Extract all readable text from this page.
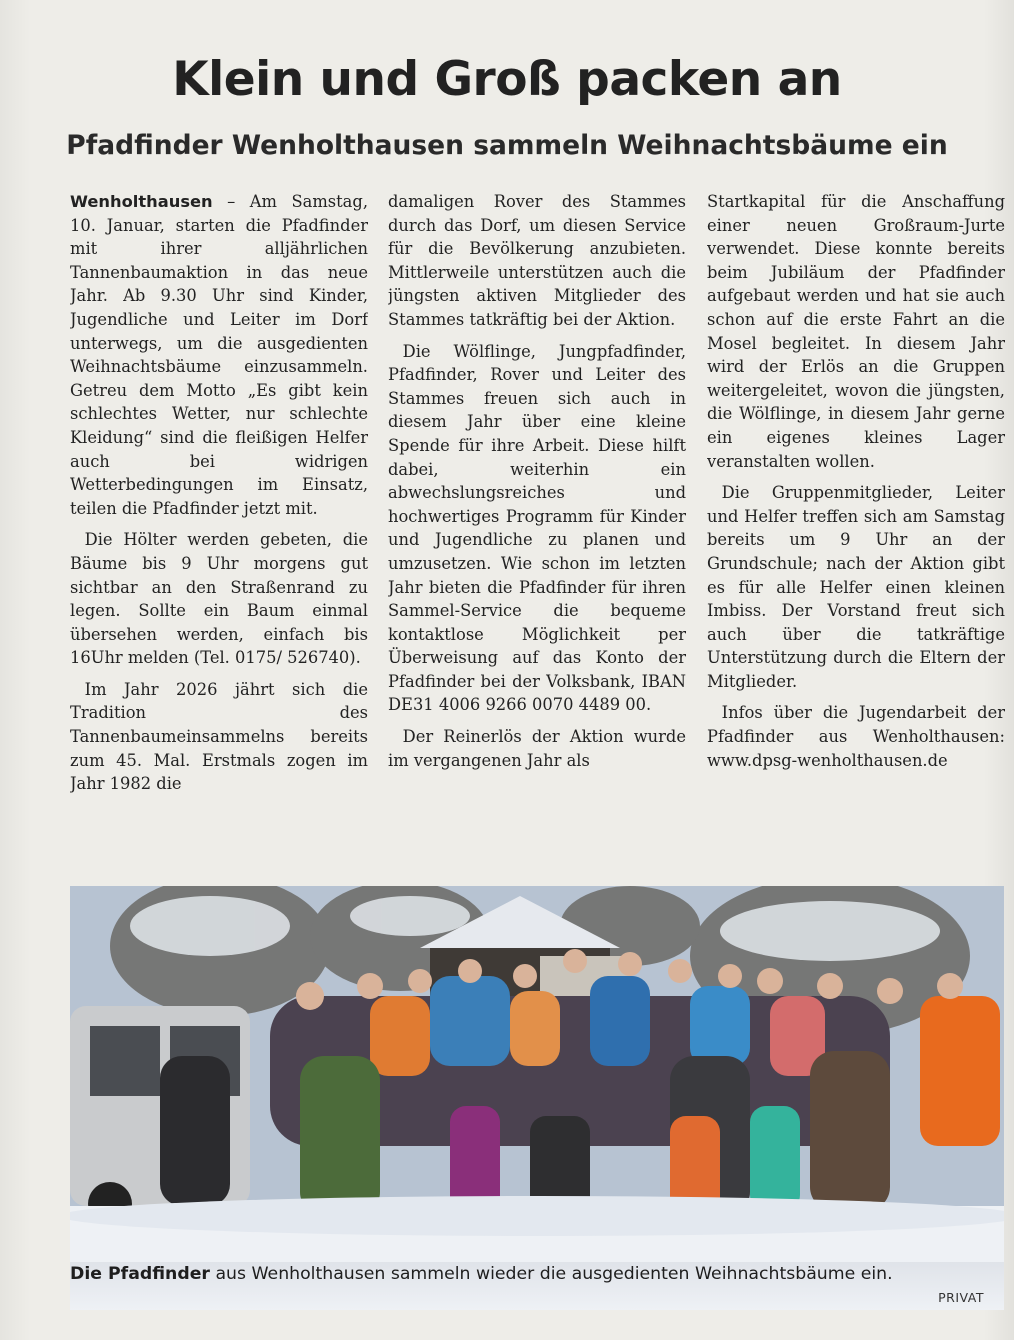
Klein und Groß packen an
Pfadfinder Wenholthausen sammeln Weihnachtsbäume ein

Wenholthausen – Am Samstag, 10. Januar, starten die Pfadfinder mit ihrer alljährlichen Tannenbaumaktion in das neue Jahr. Ab 9.30 Uhr sind Kinder, Jugendliche und Leiter im Dorf unterwegs, um die ausgedienten Weihnachtsbäume einzusammeln. Getreu dem Motto „Es gibt kein schlechtes Wetter, nur schlechte Kleidung“ sind die fleißigen Helfer auch bei widrigen Wetterbedingungen im Einsatz, teilen die Pfadfinder jetzt mit.

Die Hölter werden gebeten, die Bäume bis 9 Uhr morgens gut sichtbar an den Straßenrand zu legen. Sollte ein Baum einmal übersehen werden, einfach bis 16Uhr melden (Tel. 0175/ 526740).

Im Jahr 2026 jährt sich die Tradition des Tannenbaumeinsammelns bereits zum 45. Mal. Erstmals zogen im Jahr 1982 die

damaligen Rover des Stammes durch das Dorf, um diesen Service für die Bevölkerung anzubieten. Mittlerweile unterstützen auch die jüngsten aktiven Mitglieder des Stammes tatkräftig bei der Aktion.

Die Wölflinge, Jungpfadfinder, Pfadfinder, Rover und Leiter des Stammes freuen sich auch in diesem Jahr über eine kleine Spende für ihre Arbeit. Diese hilft dabei, weiterhin ein abwechslungsreiches und hochwertiges Programm für Kinder und Jugendliche zu planen und umzusetzen. Wie schon im letzten Jahr bieten die Pfadfinder für ihren Sammel-Service die bequeme kontaktlose Möglichkeit per Überweisung auf das Konto der Pfadfinder bei der Volksbank, IBAN DE31 4006 9266 0070 4489 00.

Der Reinerlös der Aktion wurde im vergangenen Jahr als

Startkapital für die Anschaffung einer neuen Großraum-Jurte verwendet. Diese konnte bereits beim Jubiläum der Pfadfinder aufgebaut werden und hat sie auch schon auf die erste Fahrt an die Mosel begleitet. In diesem Jahr wird der Erlös an die Gruppen weitergeleitet, wovon die jüngsten, die Wölflinge, in diesem Jahr gerne ein eigenes kleines Lager veranstalten wollen.

Die Gruppenmitglieder, Leiter und Helfer treffen sich am Samstag bereits um 9 Uhr an der Grundschule; nach der Aktion gibt es für alle Helfer einen kleinen Imbiss. Der Vorstand freut sich auch über die tatkräftige Unterstützung durch die Eltern der Mitglieder.

Infos über die Jugendarbeit der Pfadfinder aus Wenholthausen: www.dpsg-wenholthausen.de

Die Pfadfinder aus Wenholthausen sammeln wieder die ausgedienten Weihnachtsbäume ein.
PRIVAT
